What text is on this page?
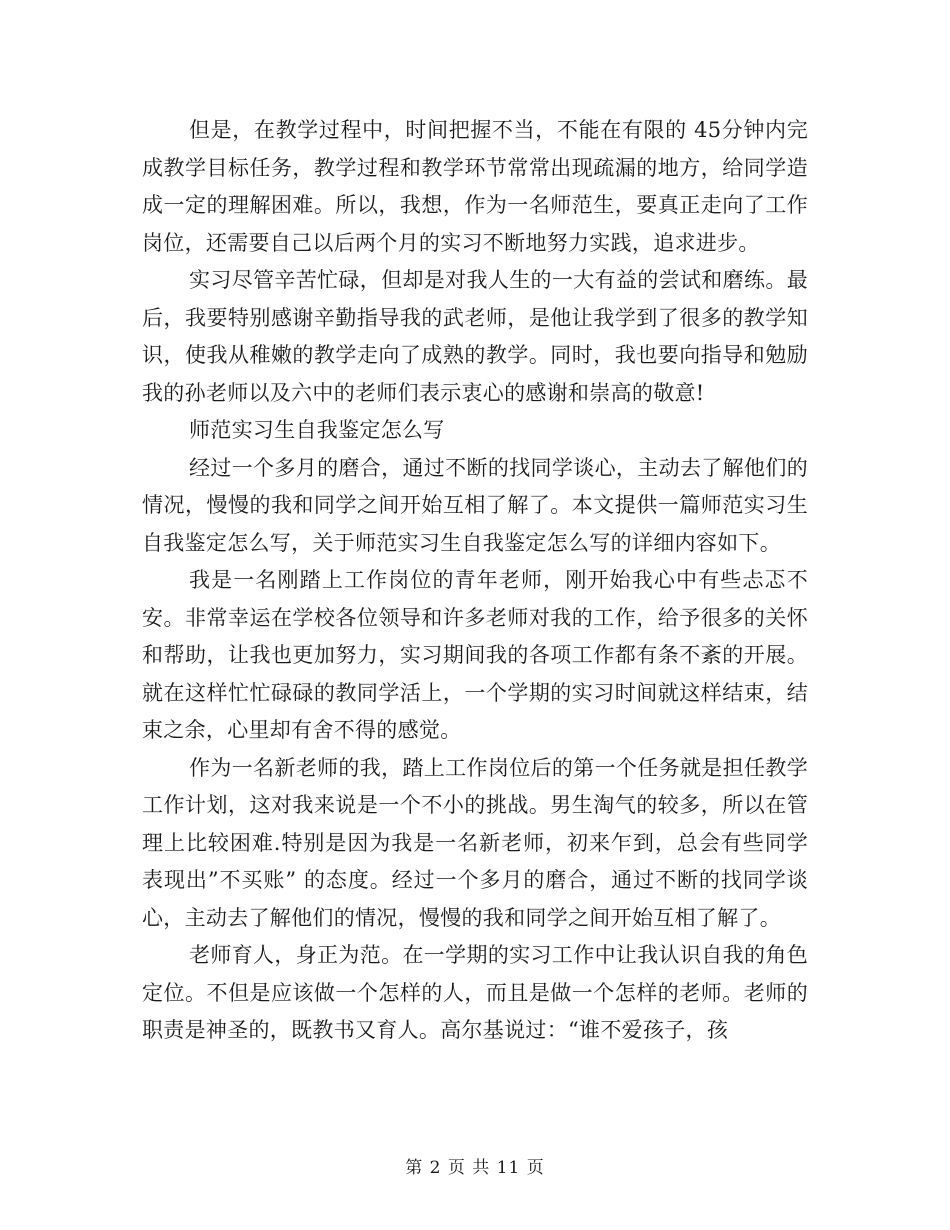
但是，在教学过程中，时间把握不当，不能在有限的 45分钟内完成教学目标任务，教学过程和教学环节常常出现疏漏的地方，给同学造成一定的理解困难。所以，我想，作为一名师范生，要真正走向了工作岗位，还需要自己以后两个月的实习不断地努力实践，追求进步。

实习尽管辛苦忙碌，但却是对我人生的一大有益的尝试和磨练。最后，我要特别感谢辛勤指导我的武老师，是他让我学到了很多的教学知识，使我从稚嫩的教学走向了成熟的教学。同时，我也要向指导和勉励我的孙老师以及六中的老师们表示衷心的感谢和崇高的敬意!

师范实习生自我鉴定怎么写

经过一个多月的磨合，通过不断的找同学谈心，主动去了解他们的情况，慢慢的我和同学之间开始互相了解了。本文提供一篇师范实习生自我鉴定怎么写，关于师范实习生自我鉴定怎么写的详细内容如下。

我是一名刚踏上工作岗位的青年老师，刚开始我心中有些忐忑不安。非常幸运在学校各位领导和许多老师对我的工作，给予很多的关怀和帮助，让我也更加努力，实习期间我的各项工作都有条不紊的开展。就在这样忙忙碌碌的教同学活上，一个学期的实习时间就这样结束，结束之余，心里却有舍不得的感觉。

作为一名新老师的我，踏上工作岗位后的第一个任务就是担任教学工作计划，这对我来说是一个不小的挑战。男生淘气的较多，所以在管理上比较困难.特别是因为我是一名新老师，初来乍到，总会有些同学表现出”不买账” 的态度。经过一个多月的磨合，通过不断的找同学谈心，主动去了解他们的情况，慢慢的我和同学之间开始互相了解了。

老师育人，身正为范。在一学期的实习工作中让我认识自我的角色定位。不但是应该做一个怎样的人，而且是做一个怎样的老师。老师的职责是神圣的，既教书又育人。高尔基说过：“谁不爱孩子，孩

第 2 页 共 11 页
